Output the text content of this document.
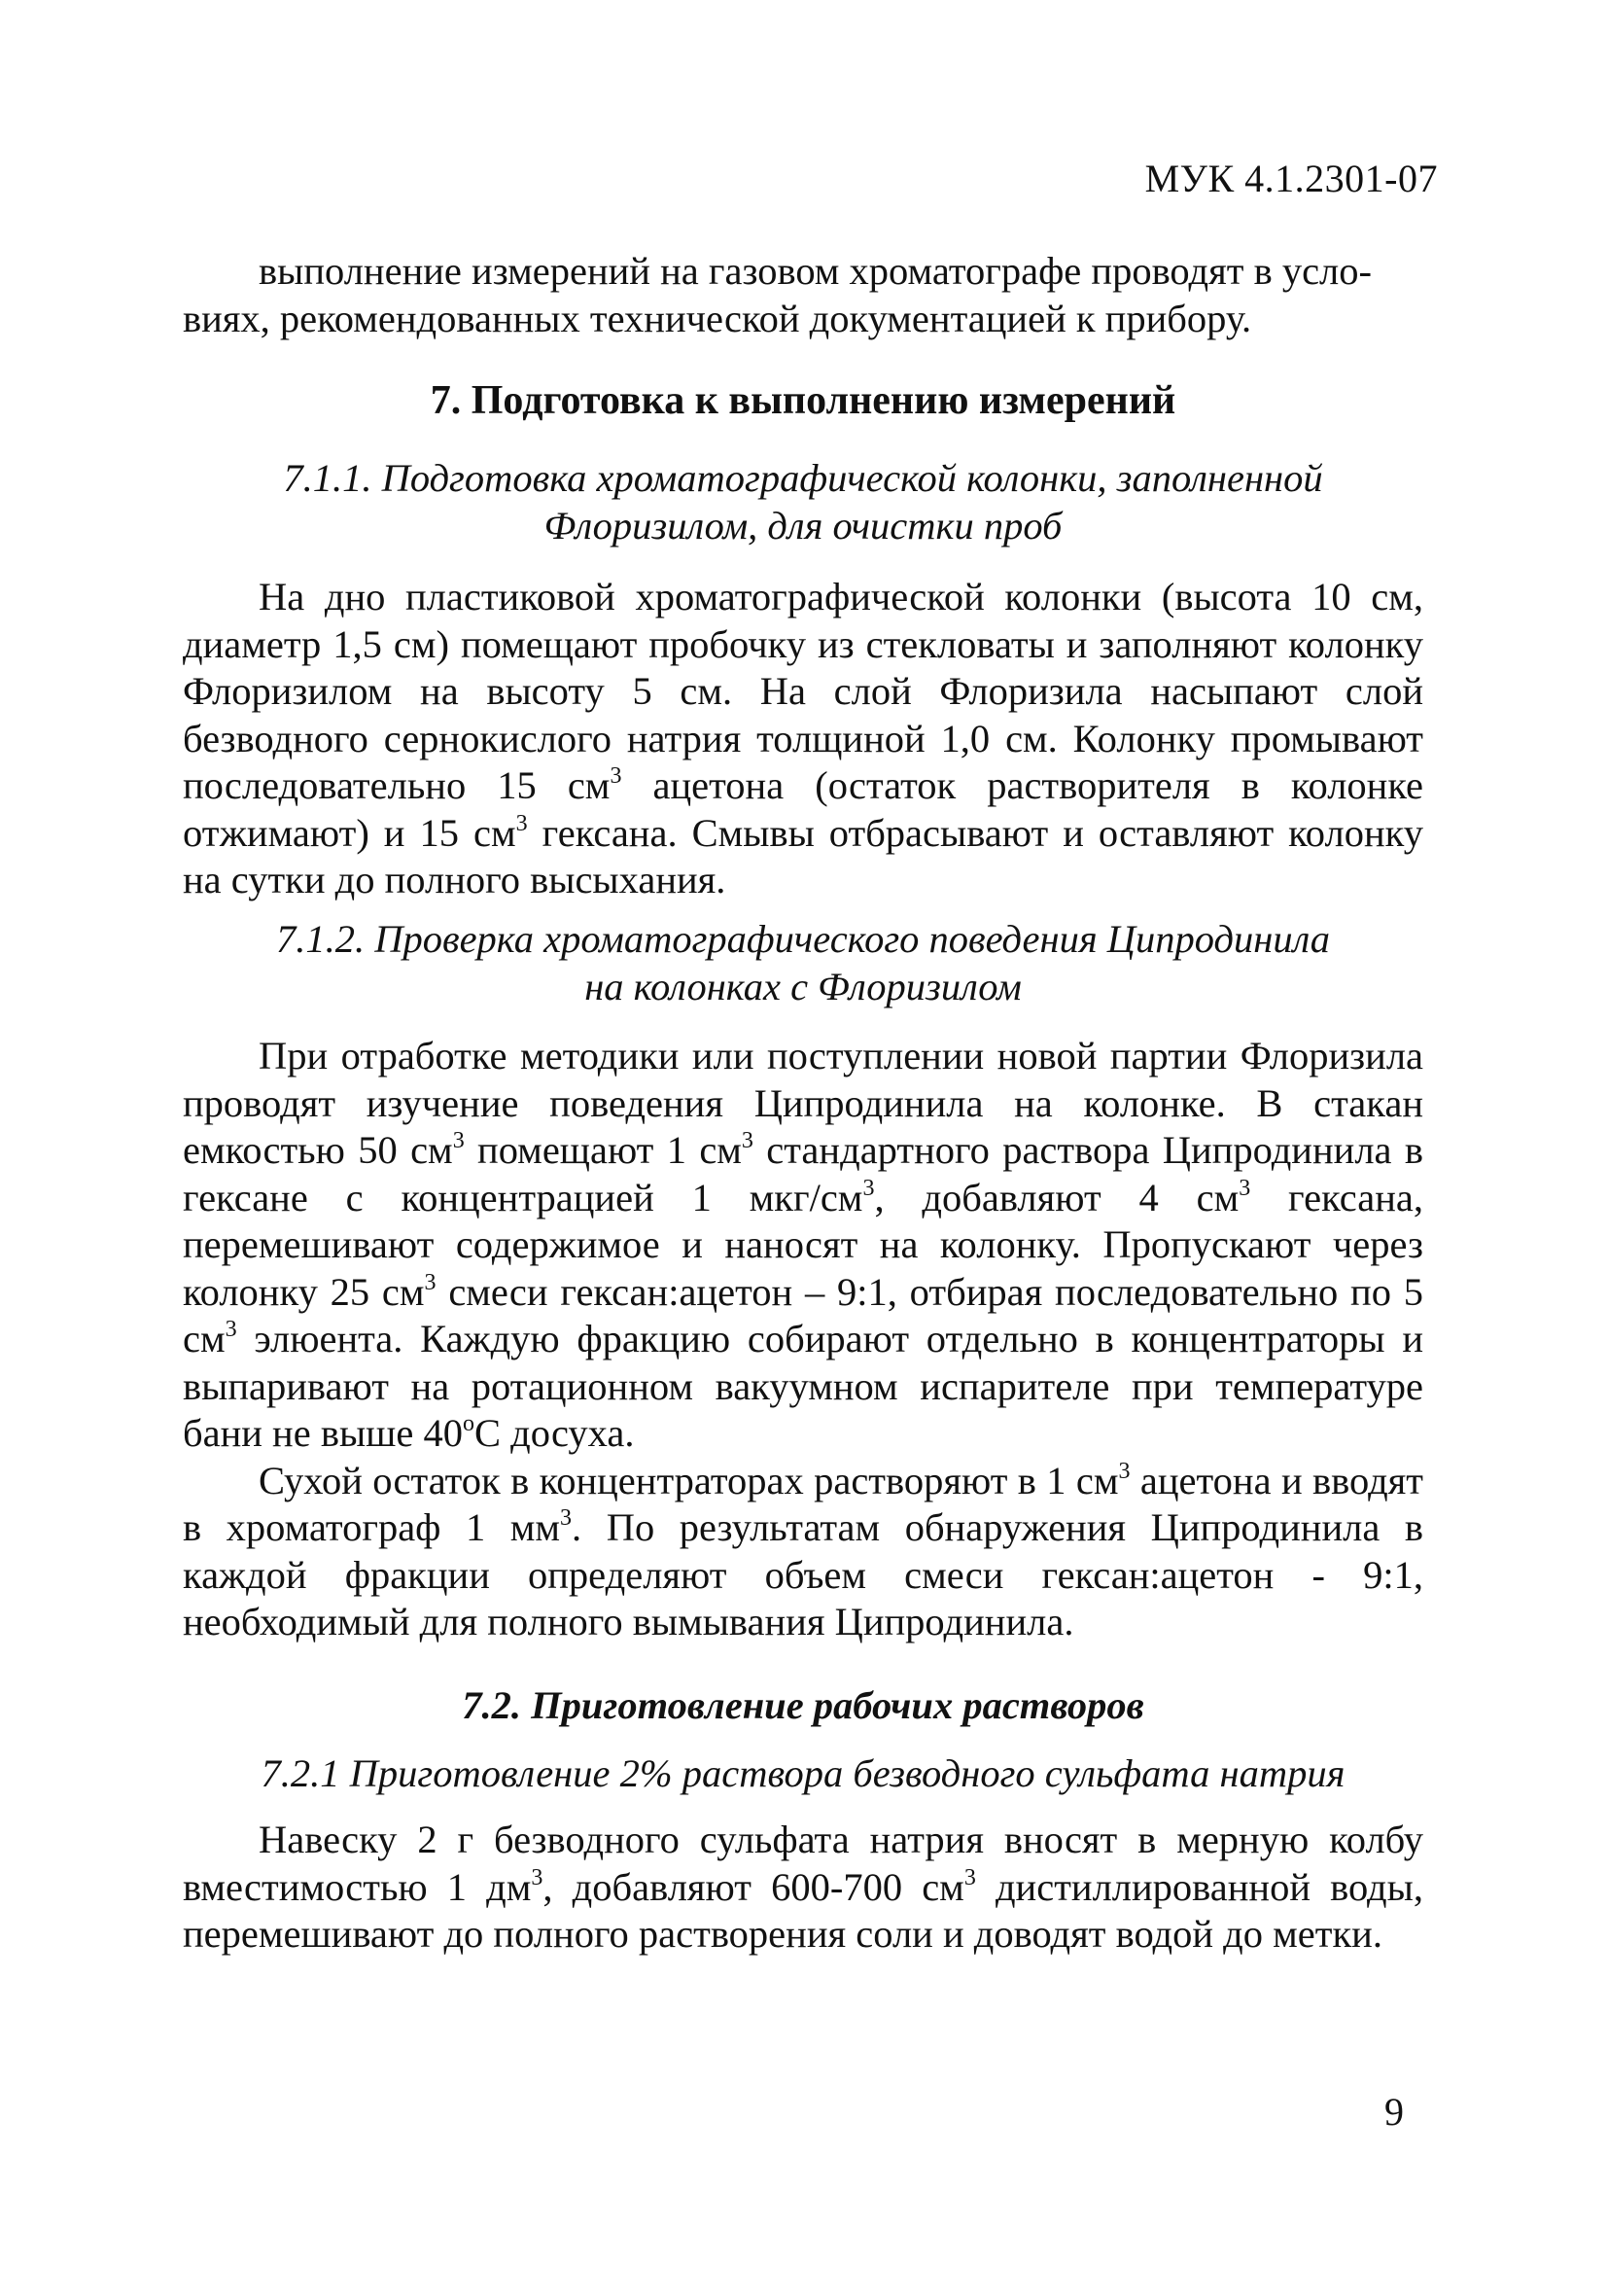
МУК 4.1.2301-07

выполнение измерений на газовом хроматографе проводят в усло-

виях, рекомендованных технической документацией к прибору.

7. Подготовка к выполнению измерений

7.1.1. Подготовка хроматографической колонки, заполненной

Флоризилом, для очистки проб

На дно пластиковой хроматографической колонки (высота 10 см, диаметр 1,5 см) помещают пробочку из стекловаты и заполняют колонку Флоризилом на высоту 5 см. На слой Флоризила насыпают слой безводного сернокислого натрия толщиной 1,0 см. Колонку промывают последовательно 15 $см^3$ ацетона (остаток растворителя в колонке отжимают) и 15 $см^3$ гексана. Смывы отбрасывают и оставляют колонку на сутки до полного высыхания.

7.1.2. Проверка хроматографического поведения Ципродинила

на колонках с Флоризилом

При отработке методики или поступлении новой партии Флоризила проводят изучение поведения Ципродинила на колонке. В стакан емкостью 50 $см^3$ помещают 1 $см^3$ стандартного раствора Ципродинила в гексане с концентрацией 1 мкг/$см^3$, добавляют 4 $см^3$ гексана, перемешивают содержимое и наносят на колонку. Пропускают через колонку 25 $см^3$ смеси гексан:ацетон – 9:1, отбирая последовательно по 5 $см^3$ элюента. Каждую фракцию собирают отдельно в концентраторы и выпаривают на ротационном вакуумном испарителе при температуре бани не выше $40^оС$ досуха.

Сухой остаток в концентраторах растворяют в 1 $см^3$ ацетона и вводят в хроматограф 1 $мм^3$. По результатам обнаружения Ципродинила в каждой фракции определяют объем смеси гексан:ацетон - 9:1, необходимый для полного вымывания Ципродинила.

7.2. Приготовление рабочих растворов
7.2.1 Приготовление 2% раствора безводного сульфата натрия

Навеску 2 г безводного сульфата натрия вносят в мерную колбу вместимостью 1 $дм^3$, добавляют 600-700 $см^3$ дистиллированной воды, перемешивают до полного растворения соли и доводят водой до метки.

9
